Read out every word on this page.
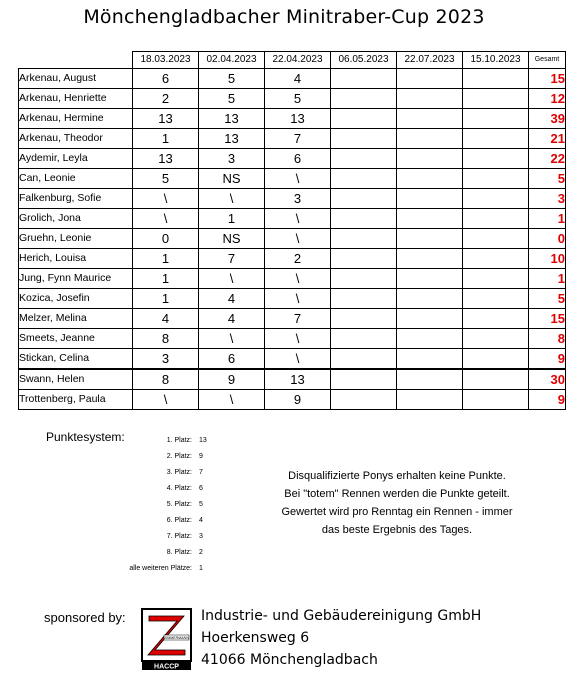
Mönchengladbacher Minitraber-Cup 2023
	18.03.2023	02.04.2023	22.04.2023	06.05.2023	22.07.2023	15.10.2023	Gesamt
Arkenau, August	6	5	4				15
Arkenau, Henriette	2	5	5				12
Arkenau, Hermine	13	13	13				39
Arkenau, Theodor	1	13	7				21
Aydemir, Leyla	13	3	6				22
Can, Leonie	5	NS	\				5
Falkenburg, Sofie	\	\	3				3
Grolich, Jona	\	1	\				1
Gruehn, Leonie	0	NS	\				0
Herich, Louisa	1	7	2				10
Jung, Fynn Maurice	1	\	\				1
Kozica, Josefin	1	4	\				5
Melzer, Melina	4	4	7				15
Smeets, Jeanne	8	\	\				8
Stickan, Celina	3	6	\				9
Swann, Helen	8	9	13				30
Trottenberg, Paula	\	\	9				9
Punktesystem:	1. Platz: 13
2. Platz: 9
3. Platz: 7
4. Platz: 6
5. Platz: 5
6. Platz: 4
7. Platz: 3
8. Platz: 2
alle weiteren Plätze: 1
Disqualifizierte Ponys erhalten keine Punkte.
Bei "totem" Rennen werden die Punkte geteilt.
Gewertet wird pro Renntag ein Rennen - immer
das beste Ergebnis des Tages.
sponsored by:
ZIMMERMANN
HACCP
Industrie- und Gebäudereinigung GmbH
Hoerkensweg 6
41066 Mönchengladbach
